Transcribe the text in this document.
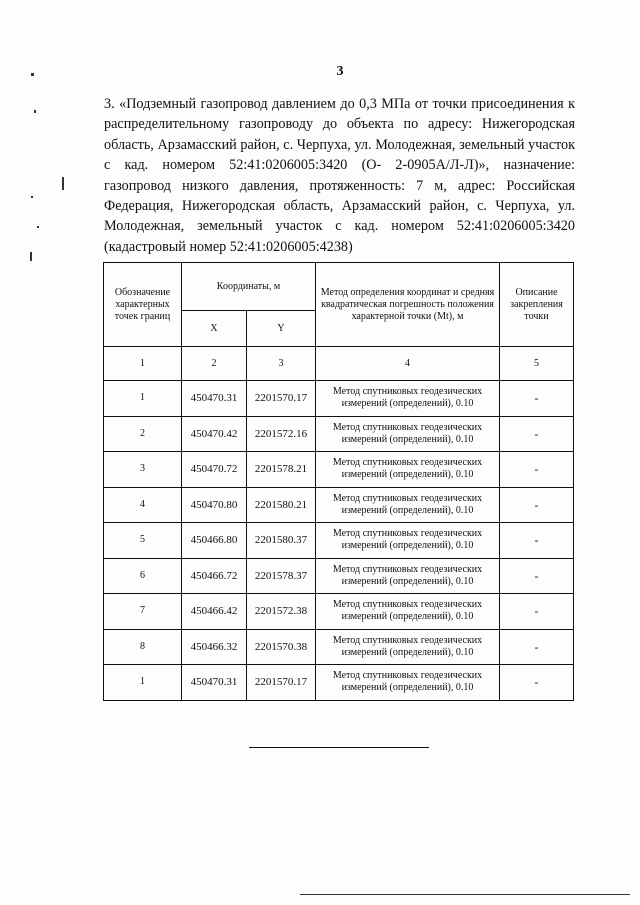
3
3. «Подземный газопровод давлением до 0,3 МПа от точки присоединения к распределительному газопроводу до объекта по адресу: Нижегородская область, Арзамасский район, с. Черпуха, ул. Молодежная, земельный участок с кад. номером 52:41:0206005:3420 (О- 2-0905А/Л-Л)», назначение: газопровод низкого давления, протяженность: 7 м, адрес: Российская Федерация, Нижегородская область, Арзамасский район, с. Черпуха, ул. Молодежная, земельный участок с кад. номером 52:41:0206005:3420 (кадастровый номер 52:41:0206005:4238)
Обозначение характерных точек границ	Координаты, м		Метод определения координат и средняя квадратическая погрешность положения характерной точки (Mt), м	Описание закрепления точки
	X	Y		
1	2	3	4	5
1	450470.31	2201570.17	Метод спутниковых геодезических измерений (определений), 0.10	-
2	450470.42	2201572.16	Метод спутниковых геодезических измерений (определений), 0.10	-
3	450470.72	2201578.21	Метод спутниковых геодезических измерений (определений), 0.10	-
4	450470.80	2201580.21	Метод спутниковых геодезических измерений (определений), 0.10	-
5	450466.80	2201580.37	Метод спутниковых геодезических измерений (определений), 0.10	-
6	450466.72	2201578.37	Метод спутниковых геодезических измерений (определений), 0.10	-
7	450466.42	2201572.38	Метод спутниковых геодезических измерений (определений), 0.10	-
8	450466.32	2201570.38	Метод спутниковых геодезических измерений (определений), 0.10	-
1	450470.31	2201570.17	Метод спутниковых геодезических измерений (определений), 0.10	-
